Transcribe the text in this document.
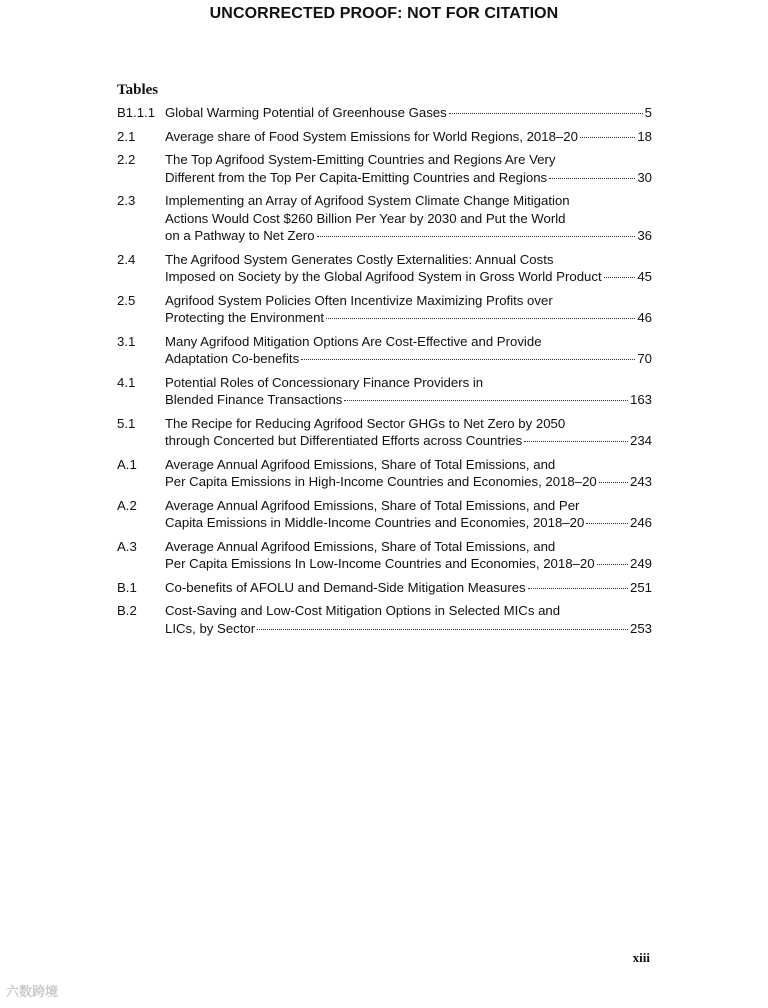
UNCORRECTED PROOF: NOT FOR CITATION
Tables
B1.1.1 Global Warming Potential of Greenhouse Gases	5
2.1	Average share of Food System Emissions for World Regions, 2018–20	18
2.2	The Top Agrifood System-Emitting Countries and Regions Are Very
Different from the Top Per Capita-Emitting Countries and Regions	30
2.3	Implementing an Array of Agrifood System Climate Change Mitigation
Actions Would Cost $260 Billion Per Year by 2030 and Put the World
on a Pathway to Net Zero	36
2.4	The Agrifood System Generates Costly Externalities: Annual Costs
Imposed on Society by the Global Agrifood System in Gross World Product	45
2.5	Agrifood System Policies Often Incentivize Maximizing Profits over
Protecting the Environment	46
3.1	Many Agrifood Mitigation Options Are Cost-Effective and Provide
Adaptation Co-benefits	70
4.1	Potential Roles of Concessionary Finance Providers in
Blended Finance Transactions	163
5.1	The Recipe for Reducing Agrifood Sector GHGs to Net Zero by 2050
through Concerted but Differentiated Efforts across Countries	234
A.1	Average Annual Agrifood Emissions, Share of Total Emissions, and
Per Capita Emissions in High-Income Countries and Economies, 2018–20	243
A.2	Average Annual Agrifood Emissions, Share of Total Emissions, and Per
Capita Emissions in Middle-Income Countries and Economies, 2018–20	246
A.3	Average Annual Agrifood Emissions, Share of Total Emissions, and
Per Capita Emissions In Low-Income Countries and Economies, 2018–20	249
B.1	Co-benefits of AFOLU and Demand-Side Mitigation Measures	251
B.2	Cost-Saving and Low-Cost Mitigation Options in Selected MICs and
LICs, by Sector	253
xiii
六数跨境
